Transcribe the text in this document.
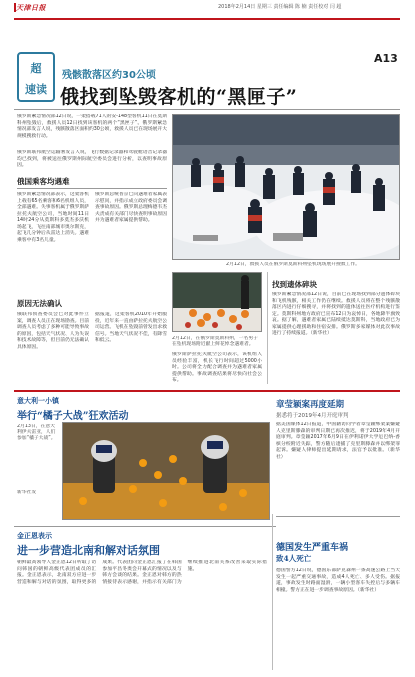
天津日报	2018年2月14日 星期三 责任编辑 陈 楠 责任校对 闫 超
超
速读
A13
残骸散落区约30公顷
俄找到坠毁客机的“黑匣子”
俄罗斯紧急情况部12日说，一架搭载71人的安-148型客机11日在莫斯科州坠毁后，救援人员12日找到该客机的两个“黑匣子”。俄罗斯紧急情况部发言人说，残骸散落区面积约30公顷，救援人员已在现场展开大规模搜救行动。
俄罗斯联邦航空运输署发言人说，飞行数据记录器和驾驶舱语音记录器均已找到，将被送往俄罗斯州际航空委员会进行分析，以查明事故原因。
2月12日，救援人员在俄罗斯莫斯科州坠机现场展开搜救工作。
俄国乘客均遇难
俄罗斯紧急情况部表示，这架客机上载有65名乘客和6名机组人员，全部遇难。失事客机属于俄罗斯萨拉托夫航空公司，当地时间11日14时24分从莫斯科多莫杰多沃机场起飞，飞往南部城市奥尔斯克，起飞几分钟后从雷达上消失。遇难乘客中有3名儿童。
俄罗斯总统普京已向遇难者家属表示慰问，并指示成立政府委员会调查事故原因。俄罗斯总理梅德韦杰夫责成有关部门尽快查明事故原因并为遇难者家属提供帮助。
原因无法确认
俄联邦侦查委员会已对此事件立案，调查人员正在现场勘查。目前调查人员考虑了多种可能导致事故的原因，包括天气状况、人为失误和技术故障等，但目前仍无法确认具体原因。
据报道，这架客机2010年开始服役，近年来一直由萨拉托夫航空公司运营。飞机在坠毁前曾发出求救信号。当地天气状况不佳，有降雪和低云。	2月12日，在俄罗斯莫斯科州，一名男子在坠机现场附近献上鲜花悼念遇难者。
找到遗体碎块
俄罗斯紧急情况部12日说，目前已在现场找到部分遗体碎块和飞机残骸，相关工作仍在继续。救援人员将在整个残骸散落区内进行仔细搜寻，并将找到的遗体送往医疗机构进行鉴定。莫斯科州地方政府已宣布12日为哀悼日，各地降半旗致哀。据了解，遇难者家属已陆续抵达莫斯科，当地政府已为家属提供心理援助和住宿安排。俄罗斯多家媒体对此次事故进行了持续报道。（新华社）
俄罗斯萨拉托夫航空公司表示，该机组人员经验丰富，机长飞行时间超过5000小时。公司将全力配合调查并为遇难者家属提供帮助。事故调查结果将尽快向社会公布。
意大利一小镇
举行“橘子大战”狂欢活动
2月13日，在意大利伊夫雷亚，人们参加“橘子大战”。
新华社发
章莹颖案再度延期
据悉将于2019年4月开庭审判
据美国媒体12日报道，中国籍访问学者章莹颖绑架案嫌疑人克里斯滕森的审判日期已再次推迟，将于2019年4月开庭审判。章莹颖2017年6月9日在伊利诺伊大学厄巴纳-香槟分校附近失踪，警方随后逮捕了克里斯滕森并以绑架罪起诉。嫌疑人律师提出延期请求，法官予以批准。（新华社）
金正恩表示
进一步营造北南和解对话氛围
朝鲜最高领导人金正恩12日听取了访问韩国的朝鲜高级代表团成员的汇报。金正恩表示，北南双方应进一步营造和解与对话的氛围，取得更多的成果。代表团向金正恩汇报了在韩国参加平昌冬奥会开幕式的情况以及与韩方会谈的结果。金正恩对韩方的热情接待表示感谢，并指示有关部门为继续推进北南关系改善采取实际措施。
德国发生严重车祸
致4人死亡
德国警方12日说，德国东部萨克森州一条高速公路上当天发生一起严重交通事故，造成4人死亡、多人受伤。据报道，事故发生时路面湿滑，一辆小型客车失控后与多辆车相撞。警方正在进一步调查事故原因。（新华社）
